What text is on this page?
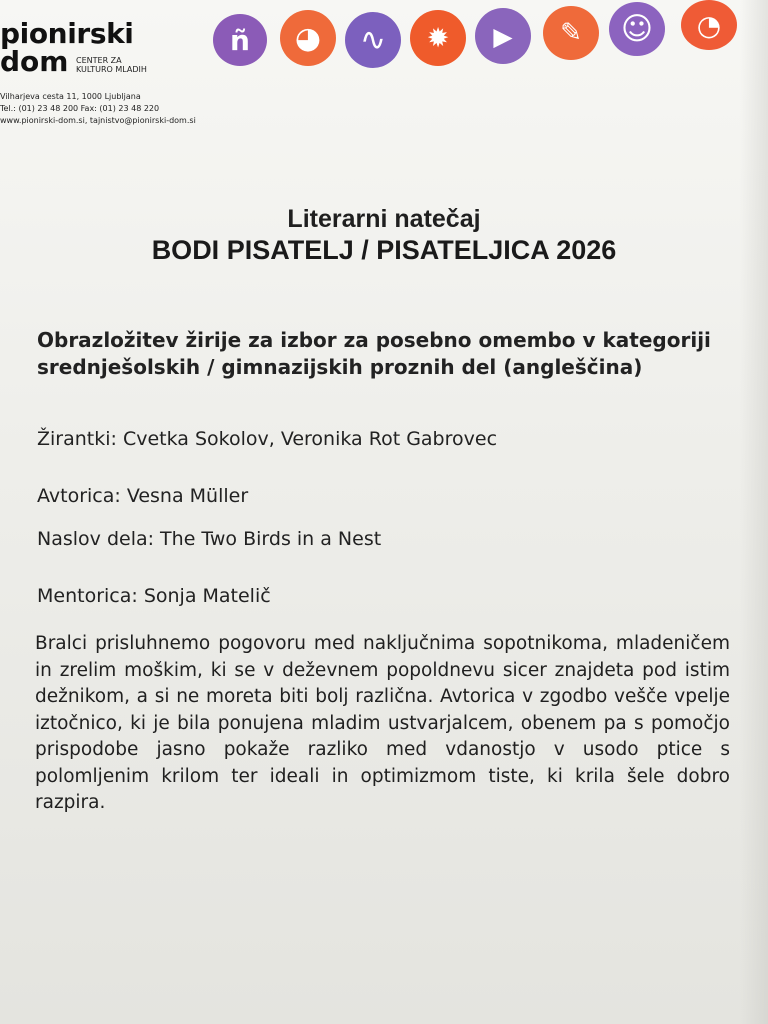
pionirski
dom CENTER ZA KULTURO MLADIH
Vilharjeva cesta 11, 1000 Ljubljana
Tel.: (01) 23 48 200 Fax: (01) 23 48 220
www.pionirski-dom.si, tajnistvo@pionirski-dom.si
ñ ◕ ∿ ✹ ▶ ✎ ☺ ◔
Literarni natečaj
BODI PISATELJ / PISATELJICA 2026
Obrazložitev žirije za izbor za posebno omembo v kategoriji srednješolskih / gimnazijskih proznih del (angleščina)
Žirantki: Cvetka Sokolov, Veronika Rot Gabrovec
Avtorica: Vesna Müller
Naslov dela: The Two Birds in a Nest
Mentorica: Sonja Matelič
Bralci prisluhnemo pogovoru med naključnima sopotnikoma, mladeničem in zrelim moškim, ki se v deževnem popoldnevu sicer znajdeta pod istim dežnikom, a si ne moreta biti bolj različna. Avtorica v zgodbo vešče vpelje iztočnico, ki je bila ponujena mladim ustvarjalcem, obenem pa s pomočjo prispodobe jasno pokaže razliko med vdanostjo v usodo ptice s polomljenim krilom ter ideali in optimizmom tiste, ki krila šele dobro razpira.
